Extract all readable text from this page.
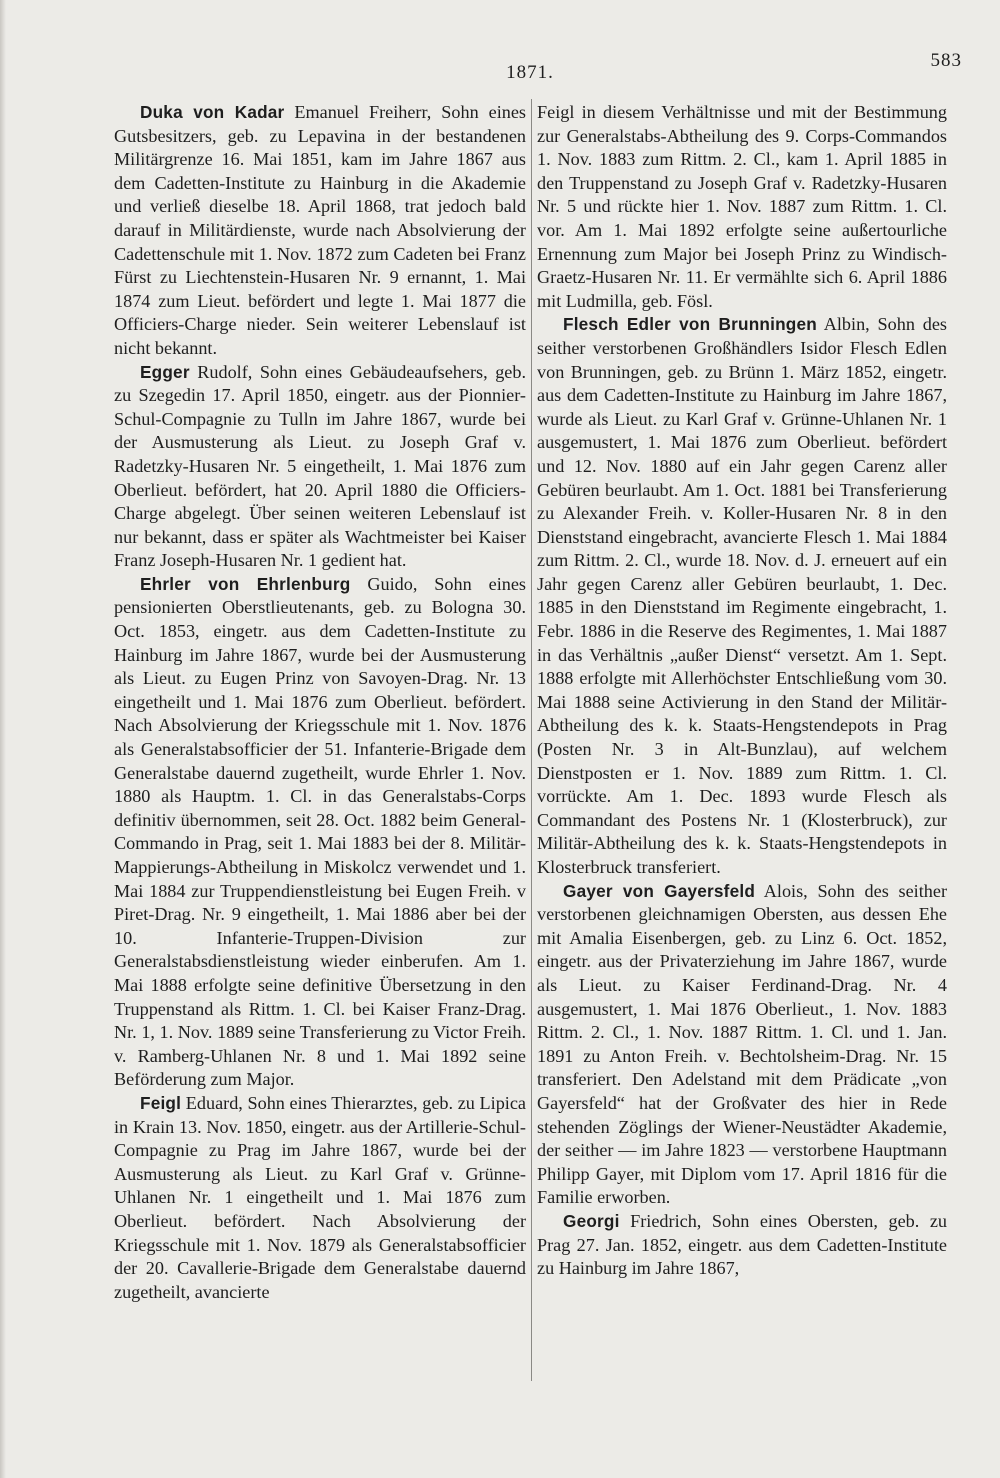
583
1871.

Duka von Kadar Emanuel Freiherr, Sohn eines Gutsbesitzers, geb. zu Lepavina in der bestandenen Militärgrenze 16. Mai 1851, kam im Jahre 1867 aus dem Cadetten-Institute zu Hainburg in die Akademie und verließ dieselbe 18. April 1868, trat jedoch bald darauf in Militärdienste, wurde nach Absolvierung der Cadettenschule mit 1. Nov. 1872 zum Cadeten bei Franz Fürst zu Liechtenstein-Husaren Nr. 9 ernannt, 1. Mai 1874 zum Lieut. befördert und legte 1. Mai 1877 die Officiers-Charge nieder. Sein weiterer Lebenslauf ist nicht bekannt.

Egger Rudolf, Sohn eines Gebäudeaufsehers, geb. zu Szegedin 17. April 1850, eingetr. aus der Pionnier-Schul-Compagnie zu Tulln im Jahre 1867, wurde bei der Ausmusterung als Lieut. zu Joseph Graf v. Radetzky-Husaren Nr. 5 eingetheilt, 1. Mai 1876 zum Oberlieut. befördert, hat 20. April 1880 die Officiers-Charge abgelegt. Über seinen weiteren Lebenslauf ist nur bekannt, dass er später als Wachtmeister bei Kaiser Franz Joseph-Husaren Nr. 1 gedient hat.

Ehrler von Ehrlenburg Guido, Sohn eines pensionierten Oberstlieutenants, geb. zu Bologna 30. Oct. 1853, eingetr. aus dem Cadetten-Institute zu Hainburg im Jahre 1867, wurde bei der Ausmusterung als Lieut. zu Eugen Prinz von Savoyen-Drag. Nr. 13 eingetheilt und 1. Mai 1876 zum Oberlieut. befördert. Nach Absolvierung der Kriegsschule mit 1. Nov. 1876 als Generalstabsofficier der 51. Infanterie-Brigade dem Generalstabe dauernd zugetheilt, wurde Ehrler 1. Nov. 1880 als Hauptm. 1. Cl. in das Generalstabs-Corps definitiv übernommen, seit 28. Oct. 1882 beim General-Commando in Prag, seit 1. Mai 1883 bei der 8. Militär-Mappierungs-Abtheilung in Miskolcz verwendet und 1. Mai 1884 zur Truppendienstleistung bei Eugen Freih. v Piret-Drag. Nr. 9 eingetheilt, 1. Mai 1886 aber bei der 10. Infanterie-Truppen-Division zur Generalstabsdienstleistung wieder einberufen. Am 1. Mai 1888 erfolgte seine definitive Übersetzung in den Truppenstand als Rittm. 1. Cl. bei Kaiser Franz-Drag. Nr. 1, 1. Nov. 1889 seine Transferierung zu Victor Freih. v. Ramberg-Uhlanen Nr. 8 und 1. Mai 1892 seine Beförderung zum Major.

Feigl Eduard, Sohn eines Thierarztes, geb. zu Lipica in Krain 13. Nov. 1850, eingetr. aus der Artillerie-Schul-Compagnie zu Prag im Jahre 1867, wurde bei der Ausmusterung als Lieut. zu Karl Graf v. Grünne-Uhlanen Nr. 1 eingetheilt und 1. Mai 1876 zum Oberlieut. befördert. Nach Absolvierung der Kriegsschule mit 1. Nov. 1879 als Generalstabsofficier der 20. Cavallerie-Brigade dem Generalstabe dauernd zugetheilt, avancierte

Feigl in diesem Verhältnisse und mit der Bestimmung zur Generalstabs-Abtheilung des 9. Corps-Commandos 1. Nov. 1883 zum Rittm. 2. Cl., kam 1. April 1885 in den Truppenstand zu Joseph Graf v. Radetzky-Husaren Nr. 5 und rückte hier 1. Nov. 1887 zum Rittm. 1. Cl. vor. Am 1. Mai 1892 erfolgte seine außertourliche Ernennung zum Major bei Joseph Prinz zu Windisch-Graetz-Husaren Nr. 11. Er vermählte sich 6. April 1886 mit Ludmilla, geb. Fösl.

Flesch Edler von Brunningen Albin, Sohn des seither verstorbenen Großhändlers Isidor Flesch Edlen von Brunningen, geb. zu Brünn 1. März 1852, eingetr. aus dem Cadetten-Institute zu Hainburg im Jahre 1867, wurde als Lieut. zu Karl Graf v. Grünne-Uhlanen Nr. 1 ausgemustert, 1. Mai 1876 zum Oberlieut. befördert und 12. Nov. 1880 auf ein Jahr gegen Carenz aller Gebüren beurlaubt. Am 1. Oct. 1881 bei Transferierung zu Alexander Freih. v. Koller-Husaren Nr. 8 in den Dienststand eingebracht, avancierte Flesch 1. Mai 1884 zum Rittm. 2. Cl., wurde 18. Nov. d. J. erneuert auf ein Jahr gegen Carenz aller Gebüren beurlaubt, 1. Dec. 1885 in den Dienststand im Regimente eingebracht, 1. Febr. 1886 in die Reserve des Regimentes, 1. Mai 1887 in das Verhältnis „außer Dienst“ versetzt. Am 1. Sept. 1888 erfolgte mit Allerhöchster Entschließung vom 30. Mai 1888 seine Activierung in den Stand der Militär-Abtheilung des k. k. Staats-Hengstendepots in Prag (Posten Nr. 3 in Alt-Bunzlau), auf welchem Dienstposten er 1. Nov. 1889 zum Rittm. 1. Cl. vorrückte. Am 1. Dec. 1893 wurde Flesch als Commandant des Postens Nr. 1 (Klosterbruck), zur Militär-Abtheilung des k. k. Staats-Hengstendepots in Klosterbruck transferiert.

Gayer von Gayersfeld Alois, Sohn des seither verstorbenen gleichnamigen Obersten, aus dessen Ehe mit Amalia Eisenbergen, geb. zu Linz 6. Oct. 1852, eingetr. aus der Privaterziehung im Jahre 1867, wurde als Lieut. zu Kaiser Ferdinand-Drag. Nr. 4 ausgemustert, 1. Mai 1876 Oberlieut., 1. Nov. 1883 Rittm. 2. Cl., 1. Nov. 1887 Rittm. 1. Cl. und 1. Jan. 1891 zu Anton Freih. v. Bechtolsheim-Drag. Nr. 15 transferiert. Den Adelstand mit dem Prädicate „von Gayersfeld“ hat der Großvater des hier in Rede stehenden Zöglings der Wiener-Neustädter Akademie, der seither — im Jahre 1823 — verstorbene Hauptmann Philipp Gayer, mit Diplom vom 17. April 1816 für die Familie erworben.

Georgi Friedrich, Sohn eines Obersten, geb. zu Prag 27. Jan. 1852, eingetr. aus dem Cadetten-Institute zu Hainburg im Jahre 1867,
